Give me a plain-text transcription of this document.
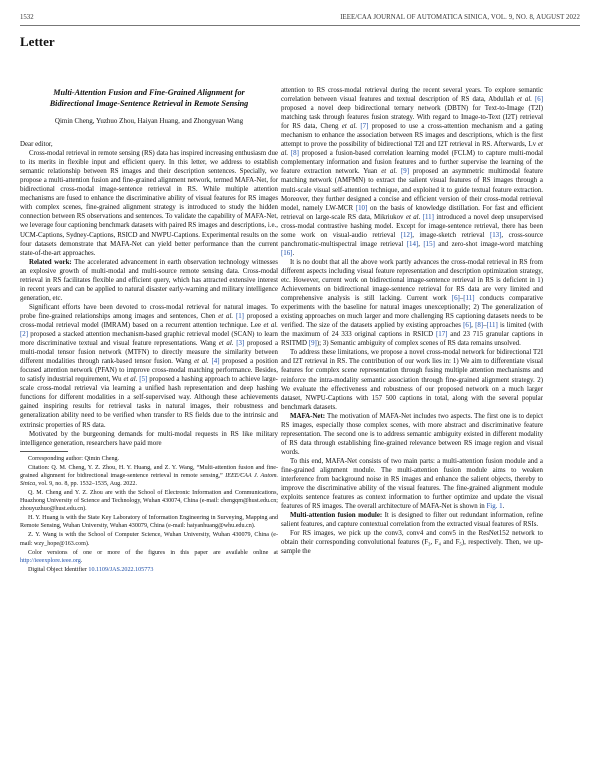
1532	IEEE/CAA JOURNAL OF AUTOMATICA SINICA, VOL. 9, NO. 8, AUGUST 2022
Letter
Multi-Attention Fusion and Fine-Grained Alignment for
Bidirectional Image-Sentence Retrieval in Remote Sensing
Qimin Cheng, Yuzhuo Zhou, Haiyan Huang, and Zhongyuan Wang

Dear editor,

Cross-modal retrieval in remote sensing (RS) data has inspired increasing enthusiasm due to its merits in flexible input and efficient query. In this letter, we address to establish semantic relationship between RS images and their description sentences. Specially, we propose a multi-attention fusion and fine-grained alignment network, termed MAFA-Net, for bidirectional cross-modal image-sentence retrieval in RS. While multiple attention mechanisms are fused to enhance the discriminative ability of visual features for RS images with complex scenes, fine-grained alignment strategy is introduced to study the hidden connection between RS observations and sentences. To validate the capability of MAFA-Net, we leverage four captioning benchmark datasets with paired RS images and descriptions, i.e., UCM-Captions, Sydney-Captions, RSICD and NWPU-Captions. Experimental results on the four datasets demonstrate that MAFA-Net can yield better performance than the current state-of-the-art approaches.

Related work: The accelerated advancement in earth observation technology witnesses an explosive growth of multi-modal and multi-source remote sensing data. Cross-modal retrieval in RS facilitates flexible and efficient query, which has attracted extensive interest in recent years and can be applied to natural disaster early-warning and military intelligence generation, etc.

Significant efforts have been devoted to cross-modal retrieval for natural images. To probe fine-grained relationships among images and sentences, Chen et al. [1] proposed a cross-modal retrieval model (IMRAM) based on a recurrent attention technique. Lee et al. [2] proposed a stacked attention mechanism-based graphic retrieval model (SCAN) to learn more discriminative textual and visual feature representations. Wang et al. [3] proposed a multi-modal tensor fusion network (MTFN) to directly measure the similarity between different modalities through rank-based tensor fusion. Wang et al. [4] proposed a position focused attention network (PFAN) to improve cross-modal matching performance. Besides, to satisfy industrial requirement, Wu et al. [5] proposed a hashing approach to achieve large-scale cross-modal retrieval via learning a unified hash representation and deep hashing functions for different modalities in a self-supervised way. Although these achievements gained inspiring results for retrieval tasks in natural images, their robustness and generalization ability need to be verified when transfer to RS fields due to the intrinsic and extrinsic properties of RS data.

Motivated by the burgeoning demands for multi-modal requests in RS like military intelligence generation, researchers have paid more

Corresponding author: Qimin Cheng.

Citation: Q. M. Cheng, Y. Z. Zhou, H. Y. Huang, and Z. Y. Wang, “Multi-attention fusion and fine-grained alignment for bidirectional image-sentence retrieval in remote sensing,” IEEE/CAA J. Autom. Sinica, vol. 9, no. 8, pp. 1532–1535, Aug. 2022.

Q. M. Cheng and Y. Z. Zhou are with the School of Electronic Information and Communications, Huazhong University of Science and Technology, Wuhan 430074, China (e-mail: chengqm@hust.edu.cn; zhouyuzhuo@hust.edu.cn).

H. Y. Huang is with the State Key Laboratory of Information Engineering in Surveying, Mapping and Remote Sensing, Wuhan University, Wuhan 430079, China (e-mail: haiyanhuang@whu.edu.cn).

Z. Y. Wang is with the School of Computer Science, Wuhan University, Wuhan 430079, China (e-mail: wzy_hope@163.com).

Color versions of one or more of the figures in this paper are available online at http://ieeexplore.ieee.org.

Digital Object Identifier 10.1109/JAS.2022.105773

attention to RS cross-modal retrieval during the recent several years. To explore semantic correlation between visual features and textual description of RS data, Abdullah et al. [6] proposed a novel deep bidirectional ternary network (DBTN) for Text-to-Image (T2I) matching task through features fusion strategy. With regard to Image-to-Text (I2T) retrieval for RS data, Cheng et al. [7] proposed to use a cross-attention mechanism and a gating mechanism to enhance the association between RS images and descriptions, which is the first attempt to prove the possibility of bidirectional T2I and I2T retrieval in RS. Afterwards, Lv et al. [8] proposed a fusion-based correlation learning model (FCLM) to capture multi-modal complementary information and fusion features and to further supervise the learning of the feature extraction network. Yuan et al. [9] proposed an asymmetric multimodal feature matching network (AMFMN) to extract the salient visual features of RS images through a multi-scale visual self-attention technique, and exploited it to guide textual feature extraction. Moreover, they further designed a concise and efficient version of their cross-modal retrieval model, namely LW-MCR [10] on the basis of knowledge distillation. For fast and efficient retrieval on large-scale RS data, Mikriukov et al. [11] introduced a novel deep unsupervised cross-modal contrastive hashing model. Except for image-sentence retrieval, there has been some work on visual-audio retrieval [12], image-sketch retrieval [13], cross-source panchromatic-multispectral image retrieval [14], [15] and zero-shot image-word matching [16].

It is no doubt that all the above work partly advances the cross-modal retrieval in RS from different aspects including visual feature representation and description optimization strategy, etc. However, current work on bidirectional image-sentence retrieval in RS is deficient in 1) Achievements on bidirectional image-sentence retrieval for RS data are very limited and comprehensive analysis is still lacking. Current work [6]–[11] conducts comparative experiments with the baseline for natural images unexceptionally; 2) The generalization of existing approaches on much larger and more challenging RS captioning datasets needs to be verified. The size of the datasets applied by existing approaches [6], [8]–[11] is limited (with the maximum of 24 333 original captions in RSICD [17] and 23 715 granular captions in RSITMD [9]); 3) Semantic ambiguity of complex scenes of RS data remains unsolved.

To address these limitations, we propose a novel cross-modal network for bidirectional T2I and I2T retrieval in RS. The contribution of our work lies in: 1) We aim to differentiate visual features for complex scene representation through fusing multiple attention mechanisms and reinforce the intra-modality semantic association through fine-grained alignment strategy. 2) We evaluate the effectiveness and robustness of our proposed network on a much larger dataset, NWPU-Captions with 157 500 captions in total, along with the several popular benchmark datasets.

MAFA-Net: The motivation of MAFA-Net includes two aspects. The first one is to depict RS images, especially those complex scenes, with more abstract and discriminative feature representation. The second one is to address semantic ambiguity existed in different modality of RS data through establishing fine-grained relevance between RS image region and visual words.

To this end, MAFA-Net consists of two main parts: a multi-attention fusion module and a fine-grained alignment module. The multi-attention fusion module aims to weaken interference from background noise in RS images and enhance the salient objects, thereby to improve the discriminative ability of the visual features. The fine-grained alignment module exploits sentence features as context information to further optimize and update the visual features of RS images. The overall architecture of MAFA-Net is shown in Fig. 1.

Multi-attention fusion module: It is designed to filter out redundant information, refine salient features, and capture contextual correlation from the extracted visual features of RSIs.

For RS images, we pick up the conv3, conv4 and conv5 in the ResNet152 network to obtain their corresponding convolutional features (F₃, F₄ and F₅), respectively. Then, we up-sample the
